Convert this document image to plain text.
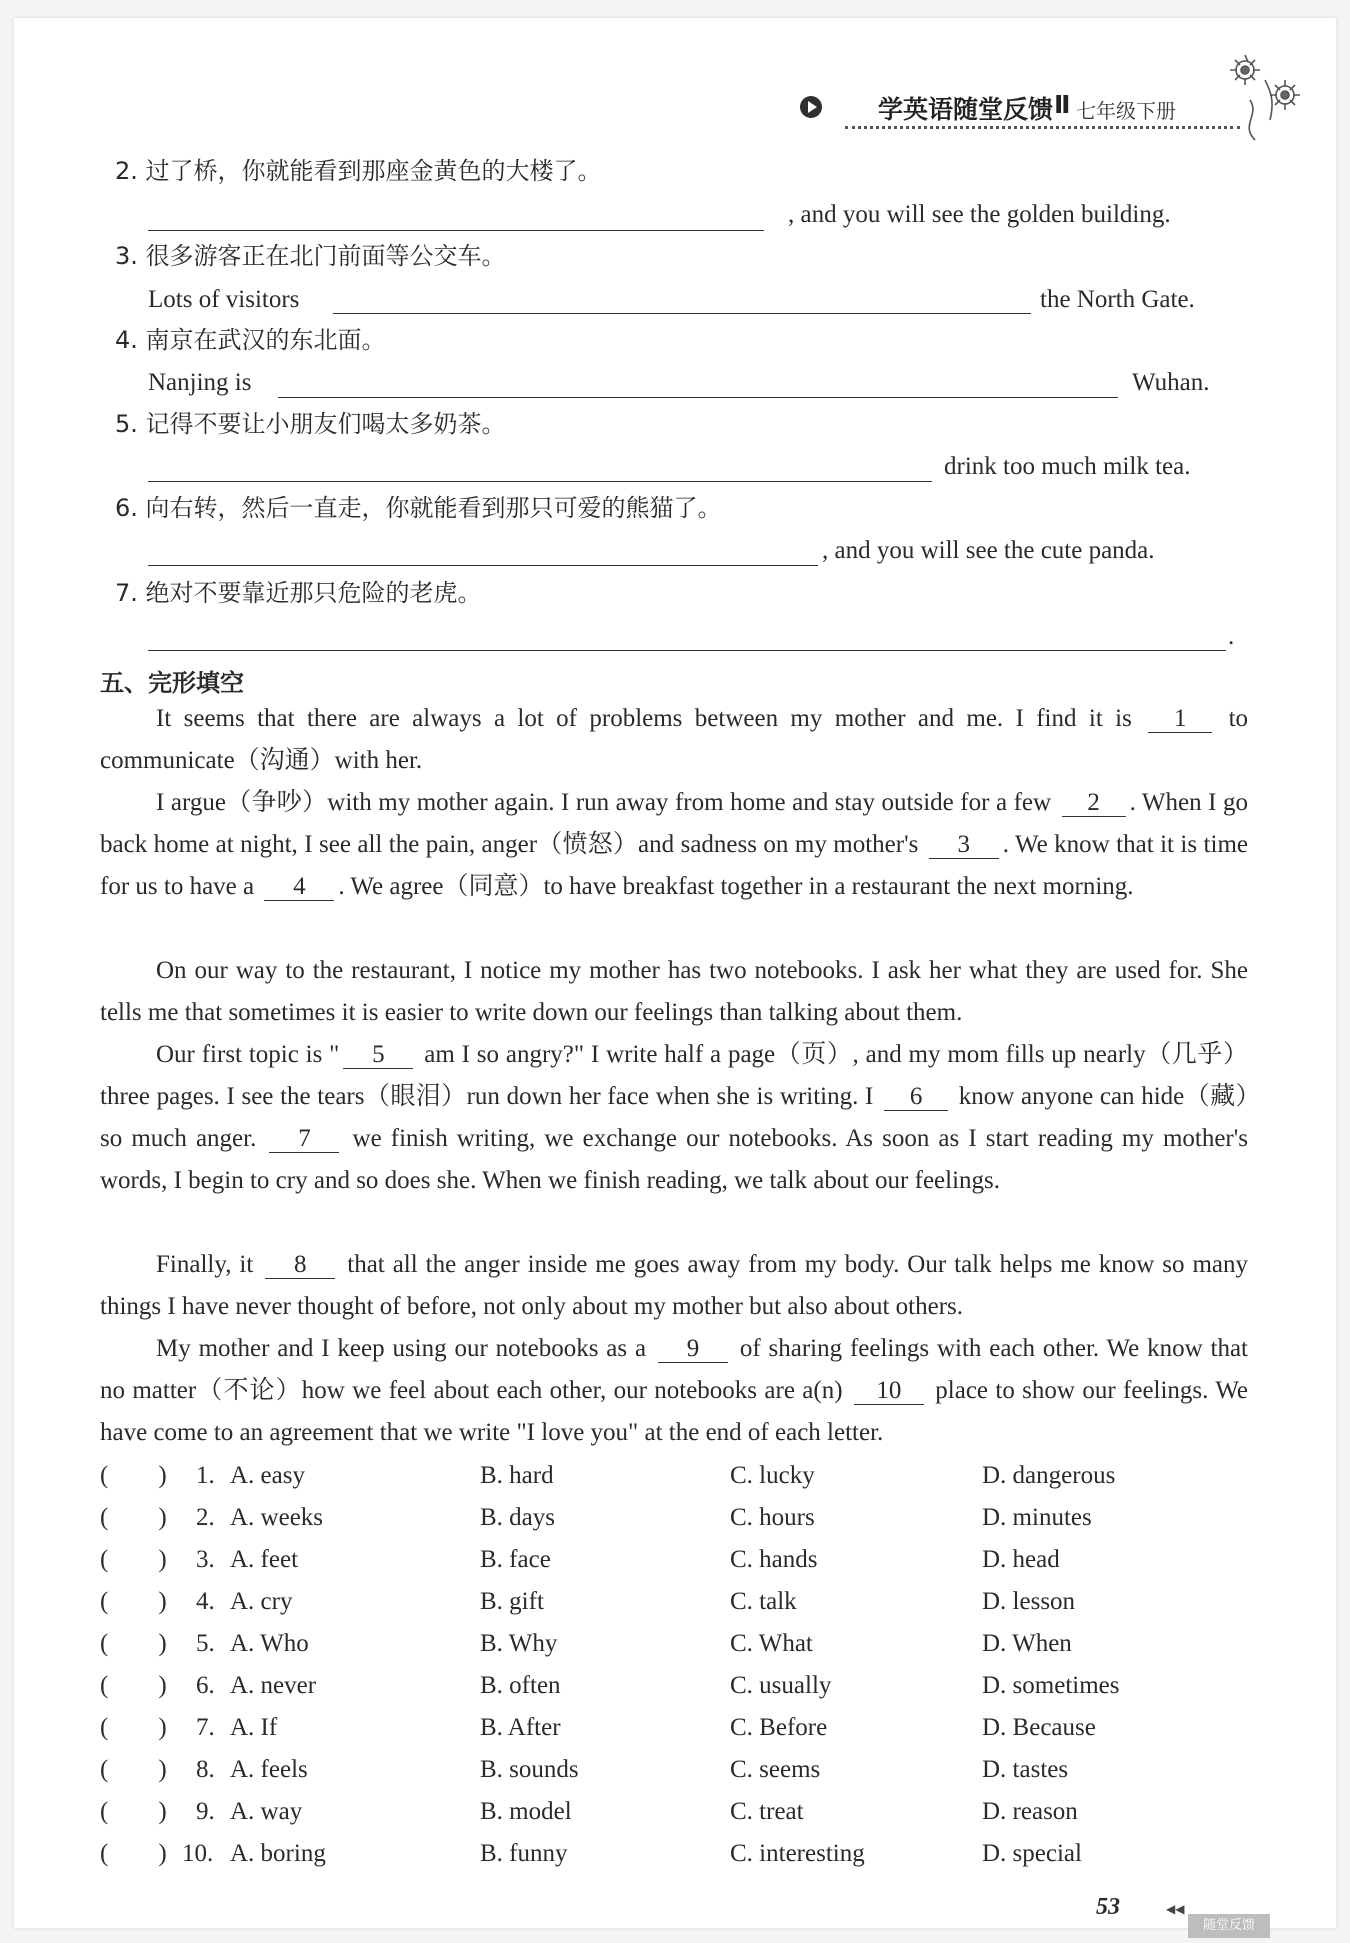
学英语随堂反馈 Ⅱ 七年级下册
2. 过了桥，你就能看到那座金黄色的大楼了。
, and you will see the golden building.
3. 很多游客正在北门前面等公交车。
Lots of visitors	the North Gate.
4. 南京在武汉的东北面。
Nanjing is	Wuhan.
5. 记得不要让小朋友们喝太多奶茶。
drink too much milk tea.
6. 向右转，然后一直走，你就能看到那只可爱的熊猫了。
, and you will see the cute panda.
7. 绝对不要靠近那只危险的老虎。
.
五、完形填空
It seems that there are always a lot of problems between my mother and me. I find it is 1 to communicate（沟通）with her.
I argue（争吵）with my mother again. I run away from home and stay outside for a few 2 . When I go back home at night, I see all the pain, anger（愤怒）and sadness on my mother's 3 . We know that it is time for us to have a 4 . We agree（同意）to have breakfast together in a restaurant the next morning.
On our way to the restaurant, I notice my mother has two notebooks. I ask her what they are used for. She tells me that sometimes it is easier to write down our feelings than talking about them.
Our first topic is " 5 am I so angry?" I write half a page（页）, and my mom fills up nearly（几乎）three pages. I see the tears（眼泪）run down her face when she is writing. I 6 know anyone can hide（藏）so much anger. 7 we finish writing, we exchange our notebooks. As soon as I start reading my mother's words, I begin to cry and so does she. When we finish reading, we talk about our feelings.
Finally, it 8 that all the anger inside me goes away from my body. Our talk helps me know so many things I have never thought of before, not only about my mother but also about others.
My mother and I keep using our notebooks as a 9 of sharing feelings with each other. We know that no matter（不论）how we feel about each other, our notebooks are a(n) 10 place to show our feelings. We have come to an agreement that we write "I love you" at the end of each letter.
(　　) 1. A. easy	B. hard	C. lucky	D. dangerous
(　　) 2. A. weeks	B. days	C. hours	D. minutes
(　　) 3. A. feet	B. face	C. hands	D. head
(　　) 4. A. cry	B. gift	C. talk	D. lesson
(　　) 5. A. Who	B. Why	C. What	D. When
(　　) 6. A. never	B. often	C. usually	D. sometimes
(　　) 7. A. If	B. After	C. Before	D. Because
(　　) 8. A. feels	B. sounds	C. seems	D. tastes
(　　) 9. A. way	B. model	C. treat	D. reason
(　　) 10. A. boring	B. funny	C. interesting	D. special
53	◀◀
随堂反馈
